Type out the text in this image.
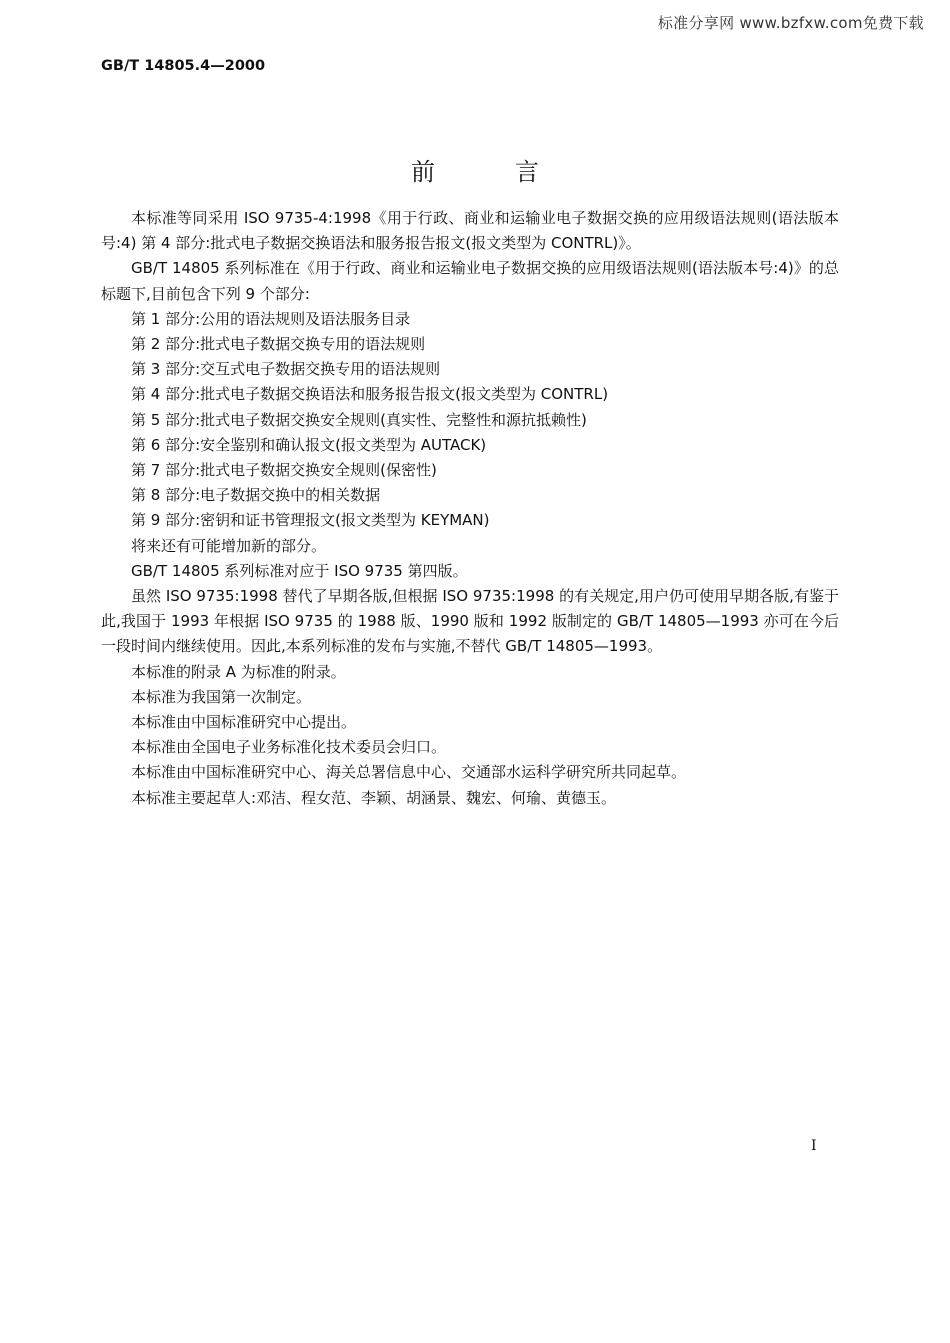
标准分享网 www.bzfxw.com免费下载
GB/T 14805.4—2000
前言

本标准等同采用 ISO 9735-4:1998《用于行政、商业和运输业电子数据交换的应用级语法规则(语法版本号:4) 第 4 部分:批式电子数据交换语法和服务报告报文(报文类型为 CONTRL)》。

GB/T 14805 系列标准在《用于行政、商业和运输业电子数据交换的应用级语法规则(语法版本号:4)》的总标题下,目前包含下列 9 个部分:

第 1 部分:公用的语法规则及语法服务目录

第 2 部分:批式电子数据交换专用的语法规则

第 3 部分:交互式电子数据交换专用的语法规则

第 4 部分:批式电子数据交换语法和服务报告报文(报文类型为 CONTRL)

第 5 部分:批式电子数据交换安全规则(真实性、完整性和源抗抵赖性)

第 6 部分:安全鉴别和确认报文(报文类型为 AUTACK)

第 7 部分:批式电子数据交换安全规则(保密性)

第 8 部分:电子数据交换中的相关数据

第 9 部分:密钥和证书管理报文(报文类型为 KEYMAN)

将来还有可能增加新的部分。

GB/T 14805 系列标准对应于 ISO 9735 第四版。

虽然 ISO 9735:1998 替代了早期各版,但根据 ISO 9735:1998 的有关规定,用户仍可使用早期各版,有鉴于此,我国于 1993 年根据 ISO 9735 的 1988 版、1990 版和 1992 版制定的 GB/T 14805—1993 亦可在今后一段时间内继续使用。因此,本系列标准的发布与实施,不替代 GB/T 14805—1993。

本标准的附录 A 为标准的附录。

本标准为我国第一次制定。

本标准由中国标准研究中心提出。

本标准由全国电子业务标准化技术委员会归口。

本标准由中国标准研究中心、海关总署信息中心、交通部水运科学研究所共同起草。

本标准主要起草人:邓洁、程女范、李颖、胡涵景、魏宏、何瑜、黄德玉。

I
